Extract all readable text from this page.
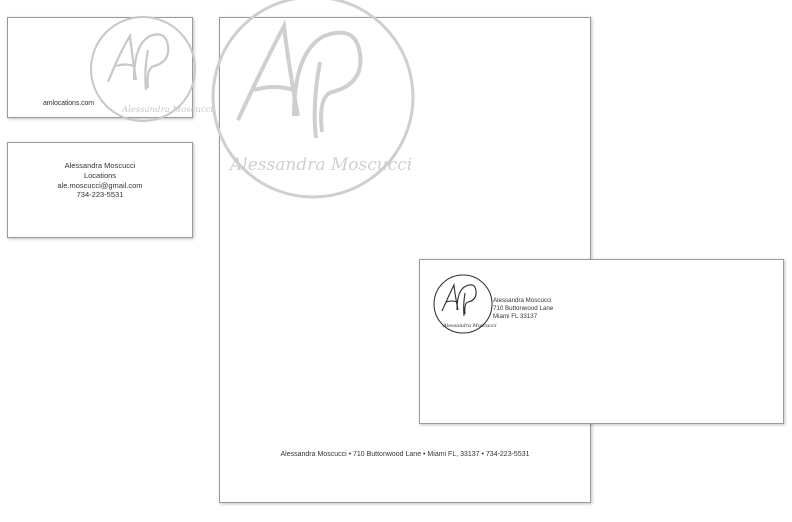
Alessandra Moscucci
amlocations.com
Alessandra Moscucci
Locations
ale.moscucci@gmail.com
734-223-5531
Alessandra Moscucci
Alessandra Moscucci • 710 Buttonwood Lane • Miami FL, 33137 • 734-223-5531
Alessandra Moscucci
Alessandra Moscucci
710 Buttonwood Lane
Miami FL 33137
